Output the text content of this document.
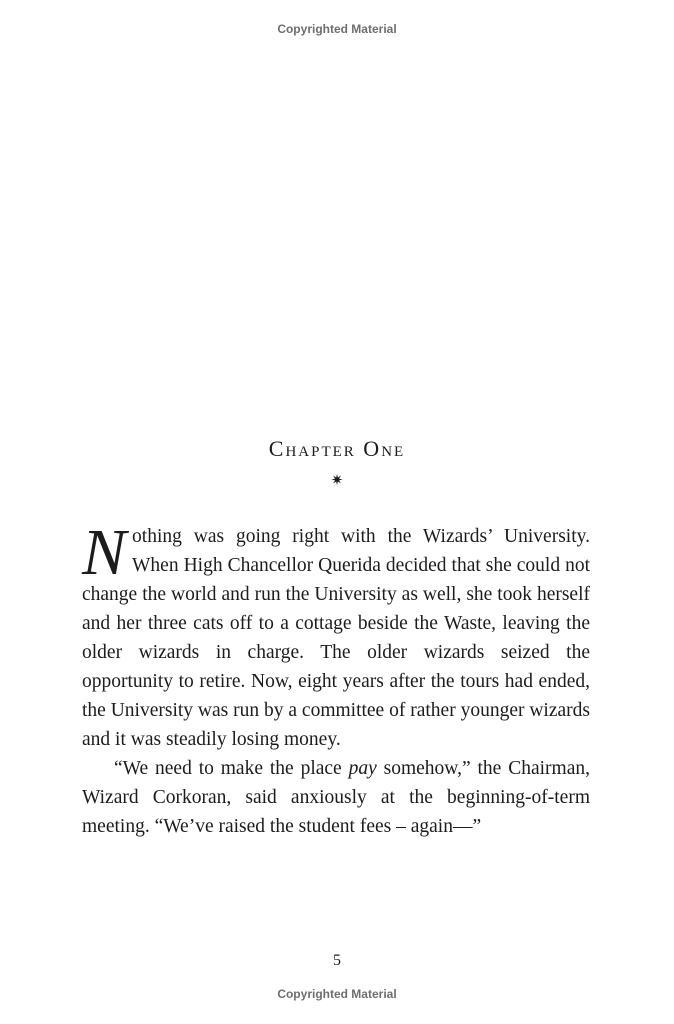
Copyrighted Material
Chapter One
✷

Nothing was going right with the Wizards’ University. When High Chancellor Querida decided that she could not change the world and run the University as well, she took herself and her three cats off to a cottage beside the Waste, leaving the older wizards in charge. The older wizards seized the opportunity to retire. Now, eight years after the tours had ended, the University was run by a committee of rather younger wizards and it was steadily losing money.

“We need to make the place pay somehow,” the Chairman, Wizard Corkoran, said anxiously at the beginning-of-term meeting. “We’ve raised the student fees – again—”

5
Copyrighted Material
